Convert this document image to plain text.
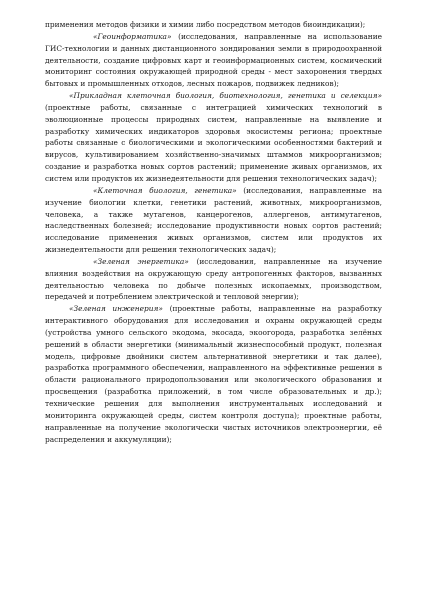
применения методов физики и химии либо посредством методов биоиндикации);

«Геоинформатика» (исследования, направленные на использование ГИС-технологии и данных дистанционного зондирования земли в природоохранной деятельности, создание цифровых карт и геоинформационных систем, космический мониторинг состояния окружающей природной среды - мест захоронения твердых бытовых и промышленных отходов, лесных пожаров, подвижек ледников);

«Прикладная клеточная биология, биотехнология, генетика и селекция» (проектные работы, связанные с интеграцией химических технологий в эволюционные процессы природных систем, направленные на выявление и разработку химических индикаторов здоровья экосистемы региона; проектные работы связанные с биологическими и экологическими особенностями бактерий и вирусов, культивированием хозяйственно-значимых штаммов микроорганизмов; создание и разработка новых сортов растений; применение живых организмов, их систем или продуктов их жизнедеятельности для решения технологических задач);

«Клеточная биология, генетика» (исследования, направленные на изучение биологии клетки, генетики растений, животных, микроорганизмов, человека, а также мутагенов, канцерогенов, аллергенов, антимутагенов, наследственных болезней; исследование продуктивности новых сортов растений; исследование применения живых организмов, систем или продуктов их жизнедеятельности для решения технологических задач);

«Зеленая энергетика» (исследования, направленные на изучение влияния воздействия на окружающую среду антропогенных факторов, вызванных деятельностью человека по добыче полезных ископаемых, производством, передачей и потреблением электрической и тепловой энергии);

«Зеленая инженерия» (проектные работы, направленные на разработку интерактивного оборудования для исследования и охраны окружающей среды (устройства умного сельского экодома, экосада, экоогорода, разработка зелёных решений в области энергетики (минимальный жизнеспособный продукт, полезная модель, цифровые двойники систем альтернативной энергетики и так далее), разработка программного обеспечения, направленного на эффективные решения в области рационального природопользования или экологического образования и просвещения (разработка приложений, в том числе образовательных и др.); технические решения для выполнения инструментальных исследований и мониторинга окружающей среды, систем контроля доступа); проектные работы, направленные на получение экологически чистых источников электроэнергии, её распределения и аккумуляции);
